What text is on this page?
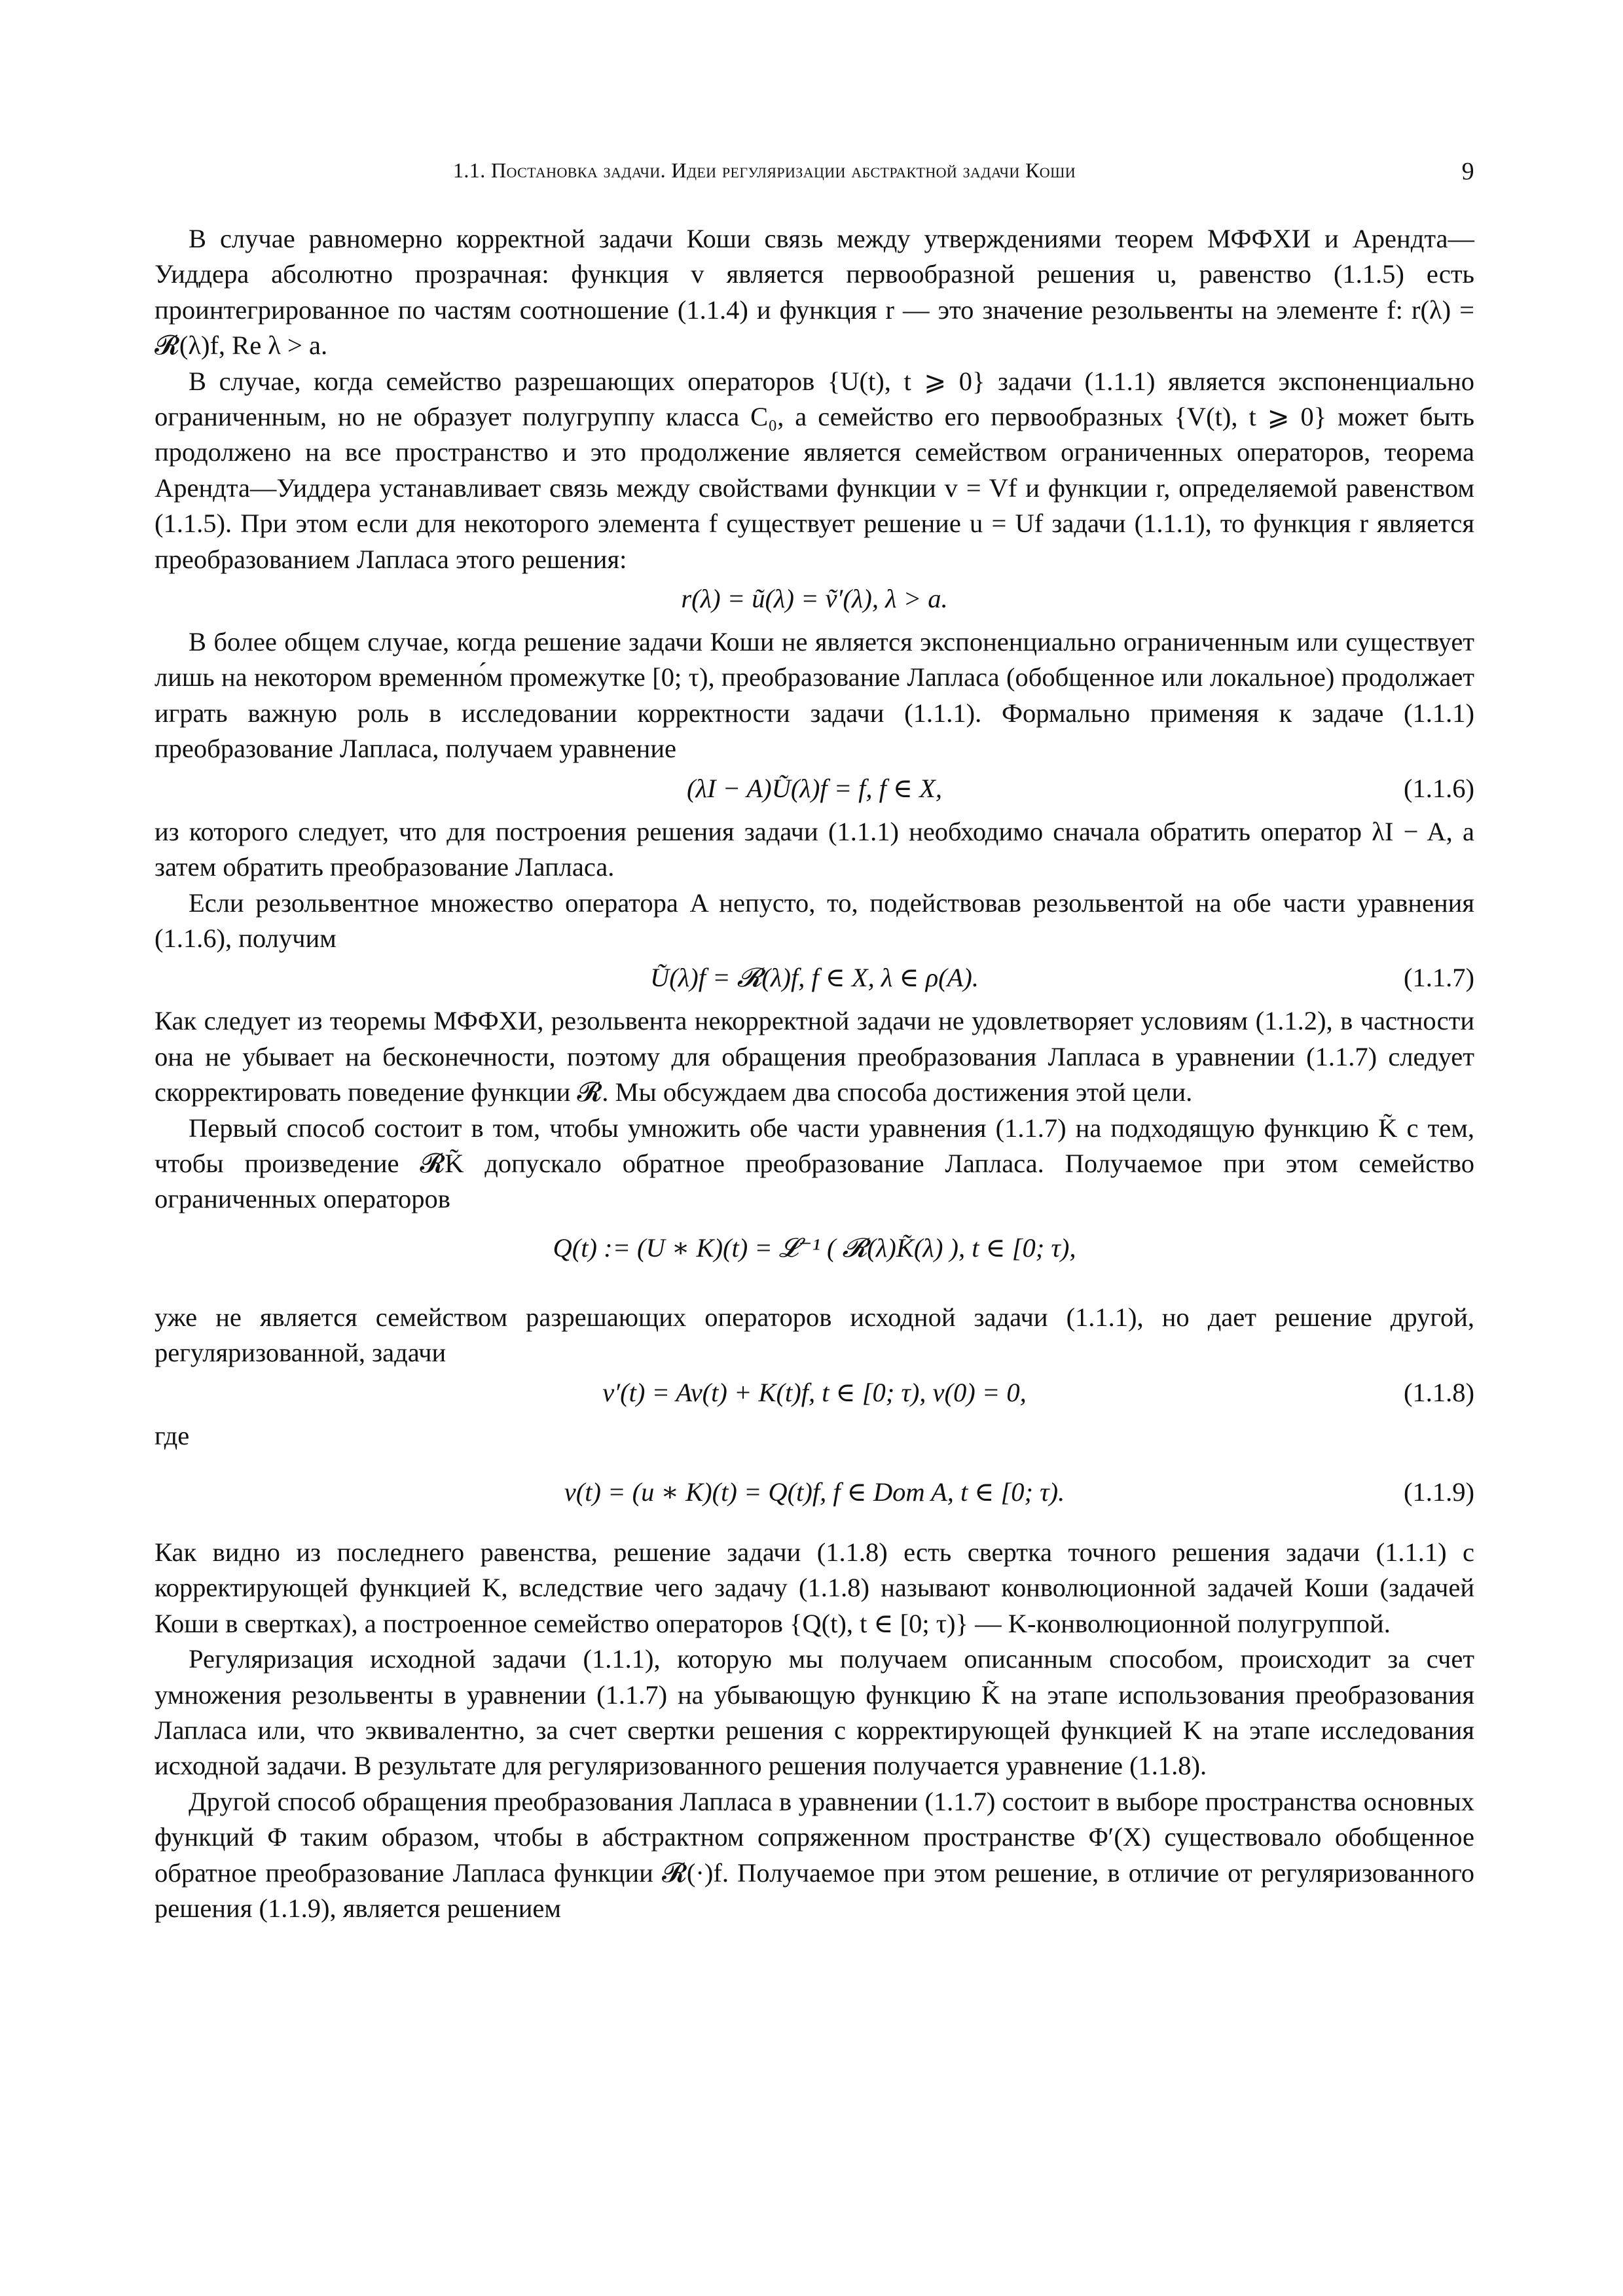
1.1. Постановка задачи. Идеи регуляризации абстрактной задачи Коши	9

В случае равномерно корректной задачи Коши связь между утверждениями теорем МФФХИ и Арендта—Уиддера абсолютно прозрачная: функция v является первообразной решения u, равенство (1.1.5) есть проинтегрированное по частям соотношение (1.1.4) и функция r — это значение резольвенты на элементе f: r(λ) = 𝓡(λ)f, Re λ > a.

В случае, когда семейство разрешающих операторов {U(t), t ⩾ 0} задачи (1.1.1) является экспоненциально ограниченным, но не образует полугруппу класса C₀, а семейство его первообразных {V(t), t ⩾ 0} может быть продолжено на все пространство и это продолжение является семейством ограниченных операторов, теорема Арендта—Уиддера устанавливает связь между свойствами функции v = Vf и функции r, определяемой равенством (1.1.5). При этом если для некоторого элемента f существует решение u = Uf задачи (1.1.1), то функция r является преобразованием Лапласа этого решения:

r(λ) = ũ(λ) = ṽ′(λ), λ > a.

В более общем случае, когда решение задачи Коши не является экспоненциально ограниченным или существует лишь на некотором временно́м промежутке [0; τ), преобразование Лапласа (обобщенное или локальное) продолжает играть важную роль в исследовании корректности задачи (1.1.1). Формально применяя к задаче (1.1.1) преобразование Лапласа, получаем уравнение

(λI − A)Ũ(λ)f = f, f ∈ X,	(1.1.6)

из которого следует, что для построения решения задачи (1.1.1) необходимо сначала обратить оператор λI − A, а затем обратить преобразование Лапласа.

Если резольвентное множество оператора A непусто, то, подействовав резольвентой на обе части уравнения (1.1.6), получим

Ũ(λ)f = 𝓡(λ)f, f ∈ X, λ ∈ ρ(A).	(1.1.7)

Как следует из теоремы МФФХИ, резольвента некорректной задачи не удовлетворяет условиям (1.1.2), в частности она не убывает на бесконечности, поэтому для обращения преобразования Лапласа в уравнении (1.1.7) следует скорректировать поведение функции 𝓡. Мы обсуждаем два способа достижения этой цели.

Первый способ состоит в том, чтобы умножить обе части уравнения (1.1.7) на подходящую функцию K̃ с тем, чтобы произведение 𝓡K̃ допускало обратное преобразование Лапласа. Получаемое при этом семейство ограниченных операторов

Q(t) := (U ∗ K)(t) = 𝓛⁻¹ ( 𝓡(λ)K̃(λ) ), t ∈ [0; τ),

уже не является семейством разрешающих операторов исходной задачи (1.1.1), но дает решение другой, регуляризованной, задачи

v′(t) = Av(t) + K(t)f, t ∈ [0; τ), v(0) = 0,	(1.1.8)

где

v(t) = (u ∗ K)(t) = Q(t)f, f ∈ Dom A, t ∈ [0; τ).	(1.1.9)

Как видно из последнего равенства, решение задачи (1.1.8) есть свертка точного решения задачи (1.1.1) с корректирующей функцией K, вследствие чего задачу (1.1.8) называют конволюционной задачей Коши (задачей Коши в свертках), а построенное семейство операторов {Q(t), t ∈ [0; τ)} — K-конволюционной полугруппой.

Регуляризация исходной задачи (1.1.1), которую мы получаем описанным способом, происходит за счет умножения резольвенты в уравнении (1.1.7) на убывающую функцию K̃ на этапе использования преобразования Лапласа или, что эквивалентно, за счет свертки решения с корректирующей функцией K на этапе исследования исходной задачи. В результате для регуляризованного решения получается уравнение (1.1.8).

Другой способ обращения преобразования Лапласа в уравнении (1.1.7) состоит в выборе пространства основных функций Φ таким образом, чтобы в абстрактном сопряженном пространстве Φ′(X) существовало обобщенное обратное преобразование Лапласа функции 𝓡(·)f. Получаемое при этом решение, в отличие от регуляризованного решения (1.1.9), является решением
